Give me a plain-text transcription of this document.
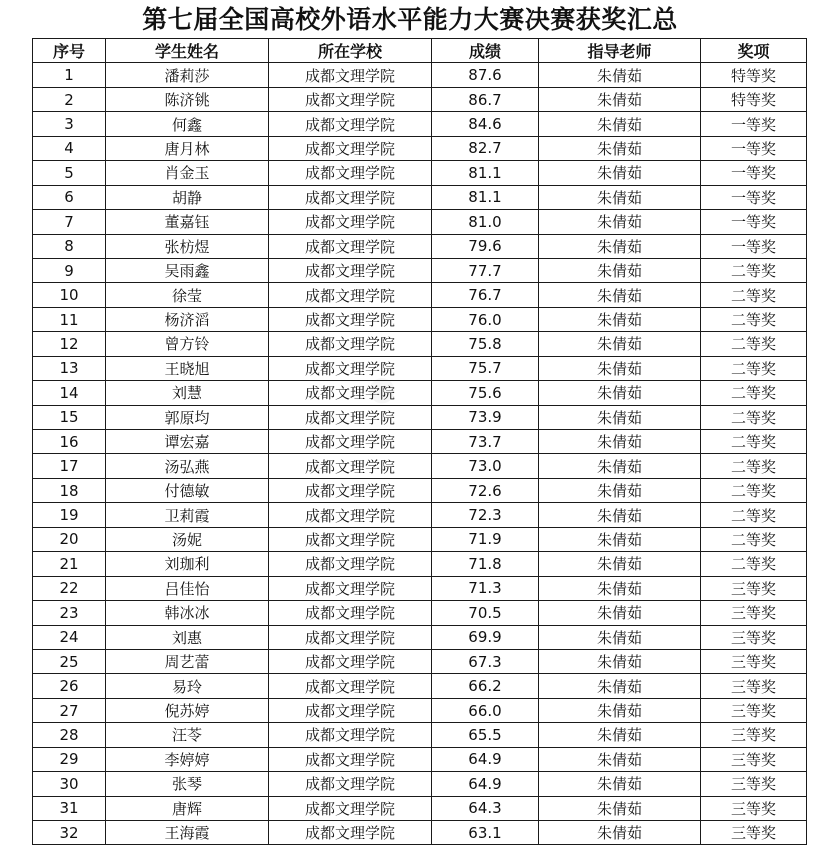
第七届全国高校外语水平能力大赛决赛获奖汇总
序号	学生姓名	所在学校	成绩	指导老师	奖项
1	潘莉莎	成都文理学院	87.6	朱倩茹	特等奖
2	陈济铫	成都文理学院	86.7	朱倩茹	特等奖
3	何鑫	成都文理学院	84.6	朱倩茹	一等奖
4	唐月林	成都文理学院	82.7	朱倩茹	一等奖
5	肖金玉	成都文理学院	81.1	朱倩茹	一等奖
6	胡静	成都文理学院	81.1	朱倩茹	一等奖
7	董嘉钰	成都文理学院	81.0	朱倩茹	一等奖
8	张枋煜	成都文理学院	79.6	朱倩茹	一等奖
9	吴雨鑫	成都文理学院	77.7	朱倩茹	二等奖
10	徐莹	成都文理学院	76.7	朱倩茹	二等奖
11	杨济滔	成都文理学院	76.0	朱倩茹	二等奖
12	曾方铃	成都文理学院	75.8	朱倩茹	二等奖
13	王晓旭	成都文理学院	75.7	朱倩茹	二等奖
14	刘慧	成都文理学院	75.6	朱倩茹	二等奖
15	郭原均	成都文理学院	73.9	朱倩茹	二等奖
16	谭宏嘉	成都文理学院	73.7	朱倩茹	二等奖
17	汤弘燕	成都文理学院	73.0	朱倩茹	二等奖
18	付德敏	成都文理学院	72.6	朱倩茹	二等奖
19	卫莉霞	成都文理学院	72.3	朱倩茹	二等奖
20	汤妮	成都文理学院	71.9	朱倩茹	二等奖
21	刘珈利	成都文理学院	71.8	朱倩茹	二等奖
22	吕佳怡	成都文理学院	71.3	朱倩茹	三等奖
23	韩冰冰	成都文理学院	70.5	朱倩茹	三等奖
24	刘惠	成都文理学院	69.9	朱倩茹	三等奖
25	周艺蕾	成都文理学院	67.3	朱倩茹	三等奖
26	易玲	成都文理学院	66.2	朱倩茹	三等奖
27	倪苏婷	成都文理学院	66.0	朱倩茹	三等奖
28	汪苓	成都文理学院	65.5	朱倩茹	三等奖
29	李婷婷	成都文理学院	64.9	朱倩茹	三等奖
30	张琴	成都文理学院	64.9	朱倩茹	三等奖
31	唐辉	成都文理学院	64.3	朱倩茹	三等奖
32	王海霞	成都文理学院	63.1	朱倩茹	三等奖
